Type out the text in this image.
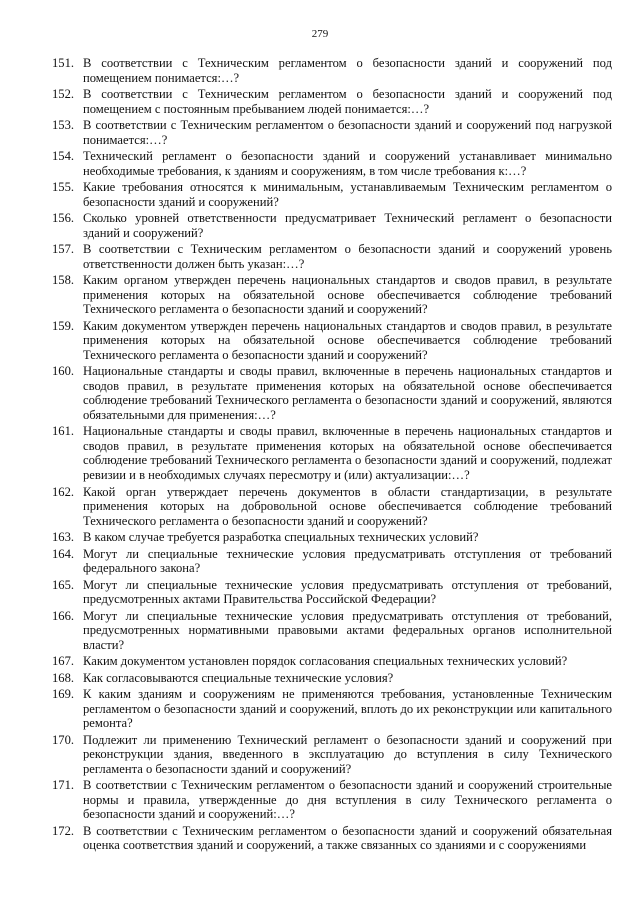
279
151. В соответствии с Техническим регламентом о безопасности зданий и сооружений под помещением понимается:…?
152. В соответствии с Техническим регламентом о безопасности зданий и сооружений под помещением с постоянным пребыванием людей понимается:…?
153. В соответствии с Техническим регламентом о безопасности зданий и сооружений под нагрузкой понимается:…?
154. Технический регламент о безопасности зданий и сооружений устанавливает минимально необходимые требования, к зданиям и сооружениям, в том числе требования к:…?
155. Какие требования относятся к минимальным, устанавливаемым Техническим регламентом о безопасности зданий и сооружений?
156. Сколько уровней ответственности предусматривает Технический регламент о безопасности зданий и сооружений?
157. В соответствии с Техническим регламентом о безопасности зданий и сооружений уровень ответственности должен быть указан:…?
158. Каким органом утвержден перечень национальных стандартов и сводов правил, в результате применения которых на обязательной основе обеспечивается соблюдение требований Технического регламента о безопасности зданий и сооружений?
159. Каким документом утвержден перечень национальных стандартов и сводов правил, в результате применения которых на обязательной основе обеспечивается соблюдение требований Технического регламента о безопасности зданий и сооружений?
160. Национальные стандарты и своды правил, включенные в перечень национальных стандартов и сводов правил, в результате применения которых на обязательной основе обеспечивается соблюдение требований Технического регламента о безопасности зданий и сооружений, являются обязательными для применения:…?
161. Национальные стандарты и своды правил, включенные в перечень национальных стандартов и сводов правил, в результате применения которых на обязательной основе обеспечивается соблюдение требований Технического регламента о безопасности зданий и сооружений, подлежат ревизии и в необходимых случаях пересмотру и (или) актуализации:…?
162. Какой орган утверждает перечень документов в области стандартизации, в результате применения которых на добровольной основе обеспечивается соблюдение требований Технического регламента о безопасности зданий и сооружений?
163. В каком случае требуется разработка специальных технических условий?
164. Могут ли специальные технические условия предусматривать отступления от требований федерального закона?
165. Могут ли специальные технические условия предусматривать отступления от требований, предусмотренных актами Правительства Российской Федерации?
166. Могут ли специальные технические условия предусматривать отступления от требований, предусмотренных нормативными правовыми актами федеральных органов исполнительной власти?
167. Каким документом установлен порядок согласования специальных технических условий?
168. Как согласовываются специальные технические условия?
169. К каким зданиям и сооружениям не применяются требования, установленные Техническим регламентом о безопасности зданий и сооружений, вплоть до их реконструкции или капитального ремонта?
170. Подлежит ли применению Технический регламент о безопасности зданий и сооружений при реконструкции здания, введенного в эксплуатацию до вступления в силу Технического регламента о безопасности зданий и сооружений?
171. В соответствии с Техническим регламентом о безопасности зданий и сооружений строительные нормы и правила, утвержденные до дня вступления в силу Технического регламента о безопасности зданий и сооружений:…?
172. В соответствии с Техническим регламентом о безопасности зданий и сооружений обязательная оценка соответствия зданий и сооружений, а также связанных со зданиями и с сооружениями
